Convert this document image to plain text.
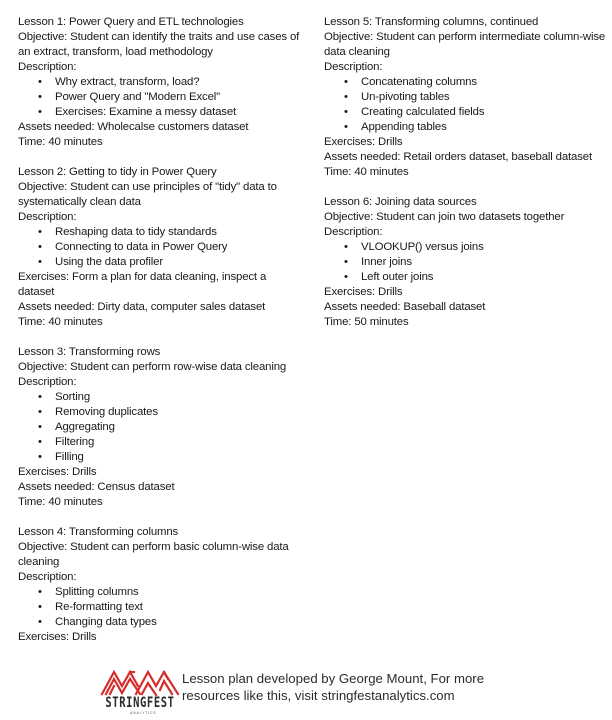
Lesson 1: Power Query and ETL technologies
Objective: Student can identify the traits and use cases of an extract, transform, load methodology
Description:
• Why extract, transform, load?
• Power Query and "Modern Excel"
• Exercises: Examine a messy dataset
Assets needed: Wholecalse customers dataset
Time: 40 minutes
Lesson 2: Getting to tidy in Power Query
Objective: Student can use principles of "tidy" data to systematically clean data
Description:
• Reshaping data to tidy standards
• Connecting to data in Power Query
• Using the data profiler
Exercises: Form a plan for data cleaning, inspect a dataset
Assets needed: Dirty data, computer sales dataset
Time: 40 minutes
Lesson 3: Transforming rows
Objective: Student can perform row-wise data cleaning
Description:
• Sorting
• Removing duplicates
• Aggregating
• Filtering
• Filling
Exercises: Drills
Assets needed: Census dataset
Time: 40 minutes
Lesson 4: Transforming columns
Objective: Student can perform basic column-wise data cleaning
Description:
• Splitting columns
• Re-formatting text
• Changing data types
Exercises: Drills
Lesson 5: Transforming columns, continued
Objective: Student can perform intermediate column-wise data cleaning
Description:
• Concatenating columns
• Un-pivoting tables
• Creating calculated fields
• Appending tables
Exercises: Drills
Assets needed: Retail orders dataset, baseball dataset
Time: 40 minutes
Lesson 6: Joining data sources
Objective: Student can join two datasets together
Description:
• VLOOKUP() versus joins
• Inner joins
• Left outer joins
Exercises: Drills
Assets needed: Baseball dataset
Time: 50 minutes
STRINGFEST
ANALYTICS
Lesson plan developed by George Mount, For more
resources like this, visit stringfestanalytics.com
